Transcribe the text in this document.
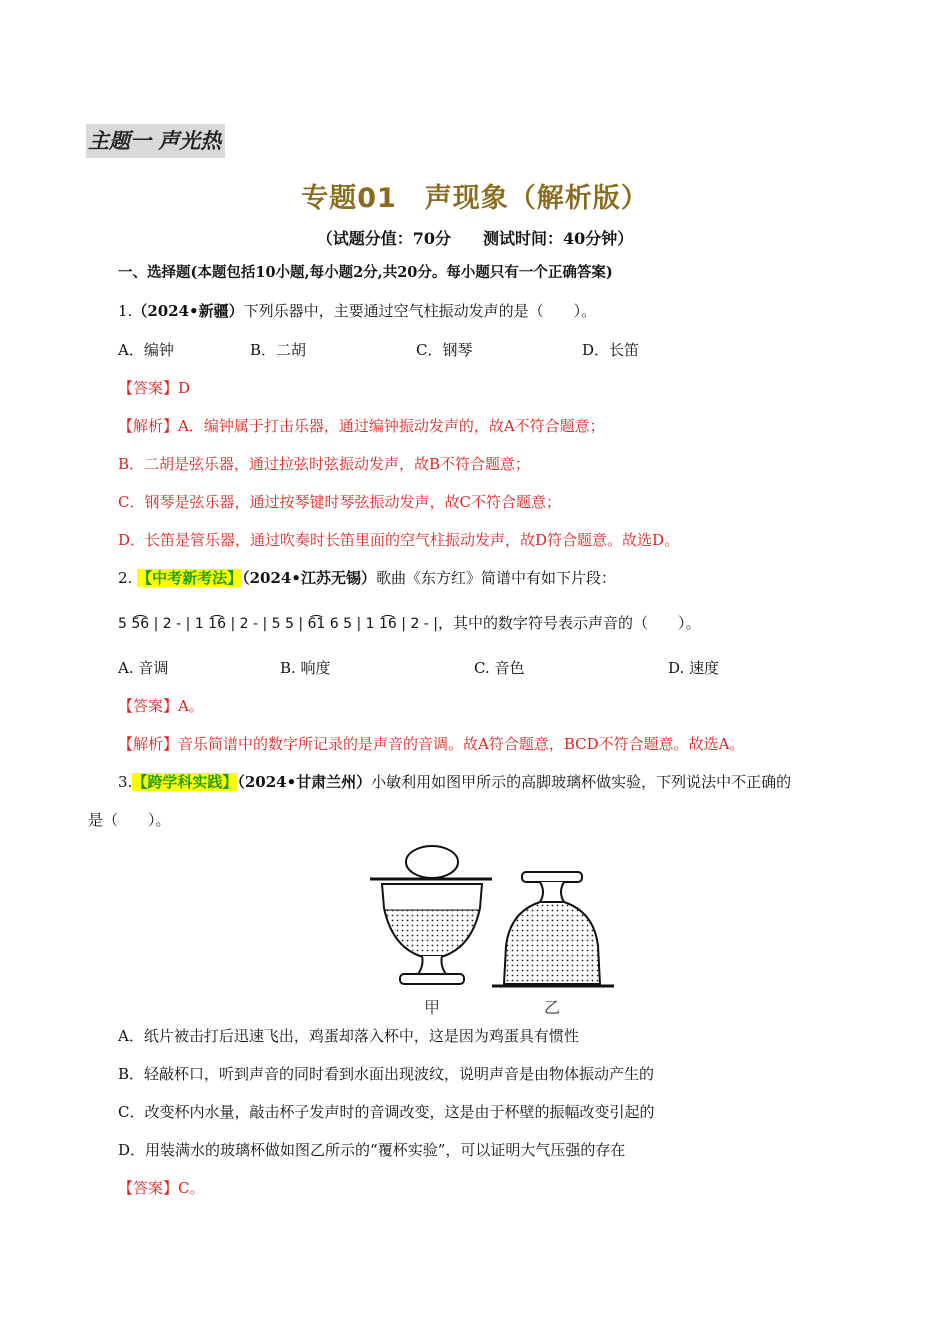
主题一 声光热
专题01　声现象（解析版）
（试题分值：70分　　测试时间：40分钟）
一、选择题(本题包括10小题,每小题2分,共20分。每小题只有一个正确答案)
1.（2024•新疆）下列乐器中，主要通过空气柱振动发声的是（　　）。
A．编钟	B．二胡	C．钢琴	D．长笛
【答案】D
【解析】A．编钟属于打击乐器，通过编钟振动发声的，故A不符合题意；
B．二胡是弦乐器，通过拉弦时弦振动发声，故B不符合题意；
C．钢琴是弦乐器，通过按琴键时琴弦振动发声，故C不符合题意；
D．长笛是管乐器，通过吹奏时长笛里面的空气柱振动发声，故D符合题意。故选D。
2. 【中考新考法】（2024•江苏无锡）歌曲《东方红》简谱中有如下片段：
5 5͡6 | 2 - | 1 1͡6 | 2 - | 5 5 | 6͡1 6 5 | 1 1͡6 | 2 - |，其中的数字符号表示声音的（　　）。
A. 音调	B. 响度	C. 音色	D. 速度
【答案】A。
【解析】音乐简谱中的数字所记录的是声音的音调。故A符合题意，BCD不符合题意。故选A。
3.【跨学科实践】（2024•甘肃兰州）小敏利用如图甲所示的高脚玻璃杯做实验，下列说法中不正确的
是（　　）。
甲	乙
A．纸片被击打后迅速飞出，鸡蛋却落入杯中，这是因为鸡蛋具有惯性
B．轻敲杯口，听到声音的同时看到水面出现波纹，说明声音是由物体振动产生的
C．改变杯内水量，敲击杯子发声时的音调改变，这是由于杯壁的振幅改变引起的
D．用装满水的玻璃杯做如图乙所示的“覆杯实验”，可以证明大气压强的存在
【答案】C。
